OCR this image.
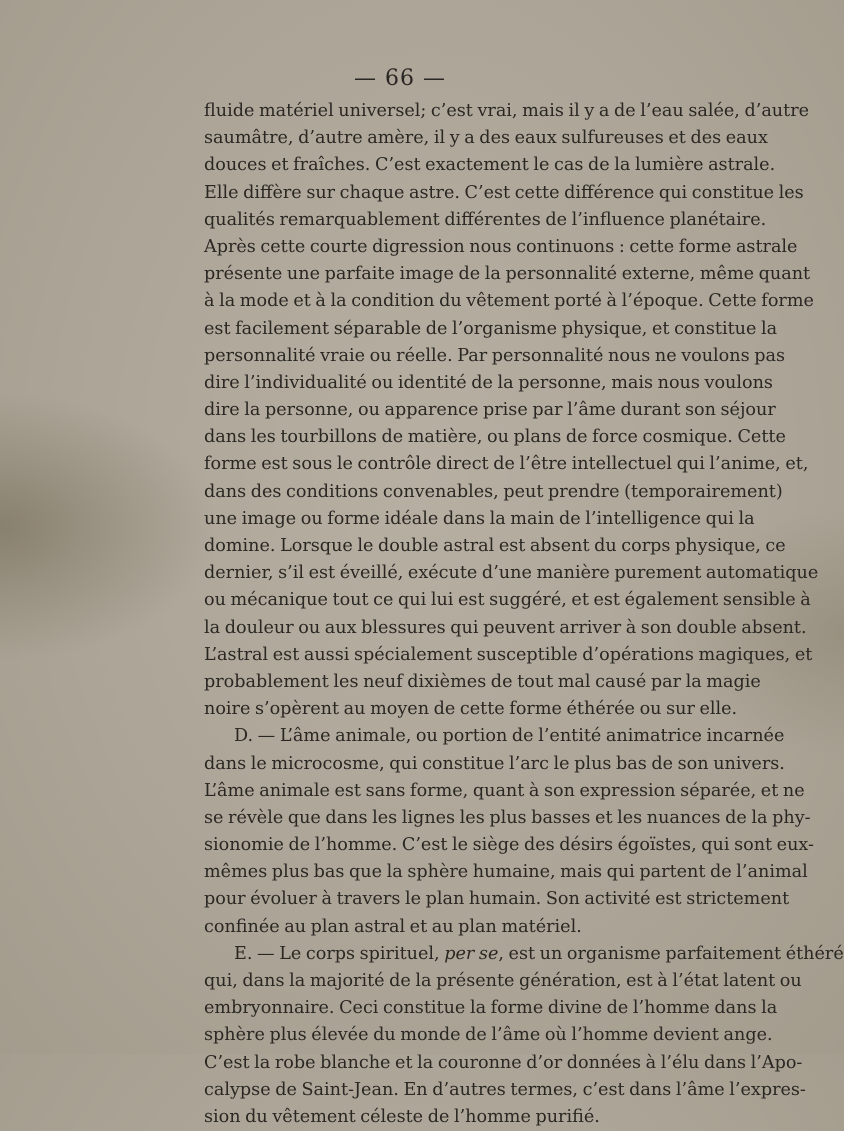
— 66 —
fluide matériel universel; c’est vrai, mais il y a de l’eau salée, d’autre
saumâtre, d’autre amère, il y a des eaux sulfureuses et des eaux
douces et fraîches. C’est exactement le cas de la lumière astrale.
Elle diffère sur chaque astre. C’est cette différence qui constitue les
qualités remarquablement différentes de l’influence planétaire.
Après cette courte digression nous continuons : cette forme astrale
présente une parfaite image de la personnalité externe, même quant
à la mode et à la condition du vêtement porté à l’époque. Cette forme
est facilement séparable de l’organisme physique, et constitue la
personnalité vraie ou réelle. Par personnalité nous ne voulons pas
dire l’individualité ou identité de la personne, mais nous voulons
dire la personne, ou apparence prise par l’âme durant son séjour
dans les tourbillons de matière, ou plans de force cosmique. Cette
forme est sous le contrôle direct de l’être intellectuel qui l’anime, et,
dans des conditions convenables, peut prendre (temporairement)
une image ou forme idéale dans la main de l’intelligence qui la
domine. Lorsque le double astral est absent du corps physique, ce
dernier, s’il est éveillé, exécute d’une manière purement automatique
ou mécanique tout ce qui lui est suggéré, et est également sensible à
la douleur ou aux blessures qui peuvent arriver à son double absent.
L’astral est aussi spécialement susceptible d’opérations magiques, et
probablement les neuf dixièmes de tout mal causé par la magie
noire s’opèrent au moyen de cette forme éthérée ou sur elle.
D. — L’âme animale, ou portion de l’entité animatrice incarnée
dans le microcosme, qui constitue l’arc le plus bas de son univers.
L’âme animale est sans forme, quant à son expression séparée, et ne
se révèle que dans les lignes les plus basses et les nuances de la phy-
sionomie de l’homme. C’est le siège des désirs égoïstes, qui sont eux-
mêmes plus bas que la sphère humaine, mais qui partent de l’animal
pour évoluer à travers le plan humain. Son activité est strictement
confinée au plan astral et au plan matériel.
E. — Le corps spirituel, per se, est un organisme parfaitement éthéré
qui, dans la majorité de la présente génération, est à l’état latent ou
embryonnaire. Ceci constitue la forme divine de l’homme dans la
sphère plus élevée du monde de l’âme où l’homme devient ange.
C’est la robe blanche et la couronne d’or données à l’élu dans l’Apo-
calypse de Saint-Jean. En d’autres termes, c’est dans l’âme l’expres-
sion du vêtement céleste de l’homme purifié.
